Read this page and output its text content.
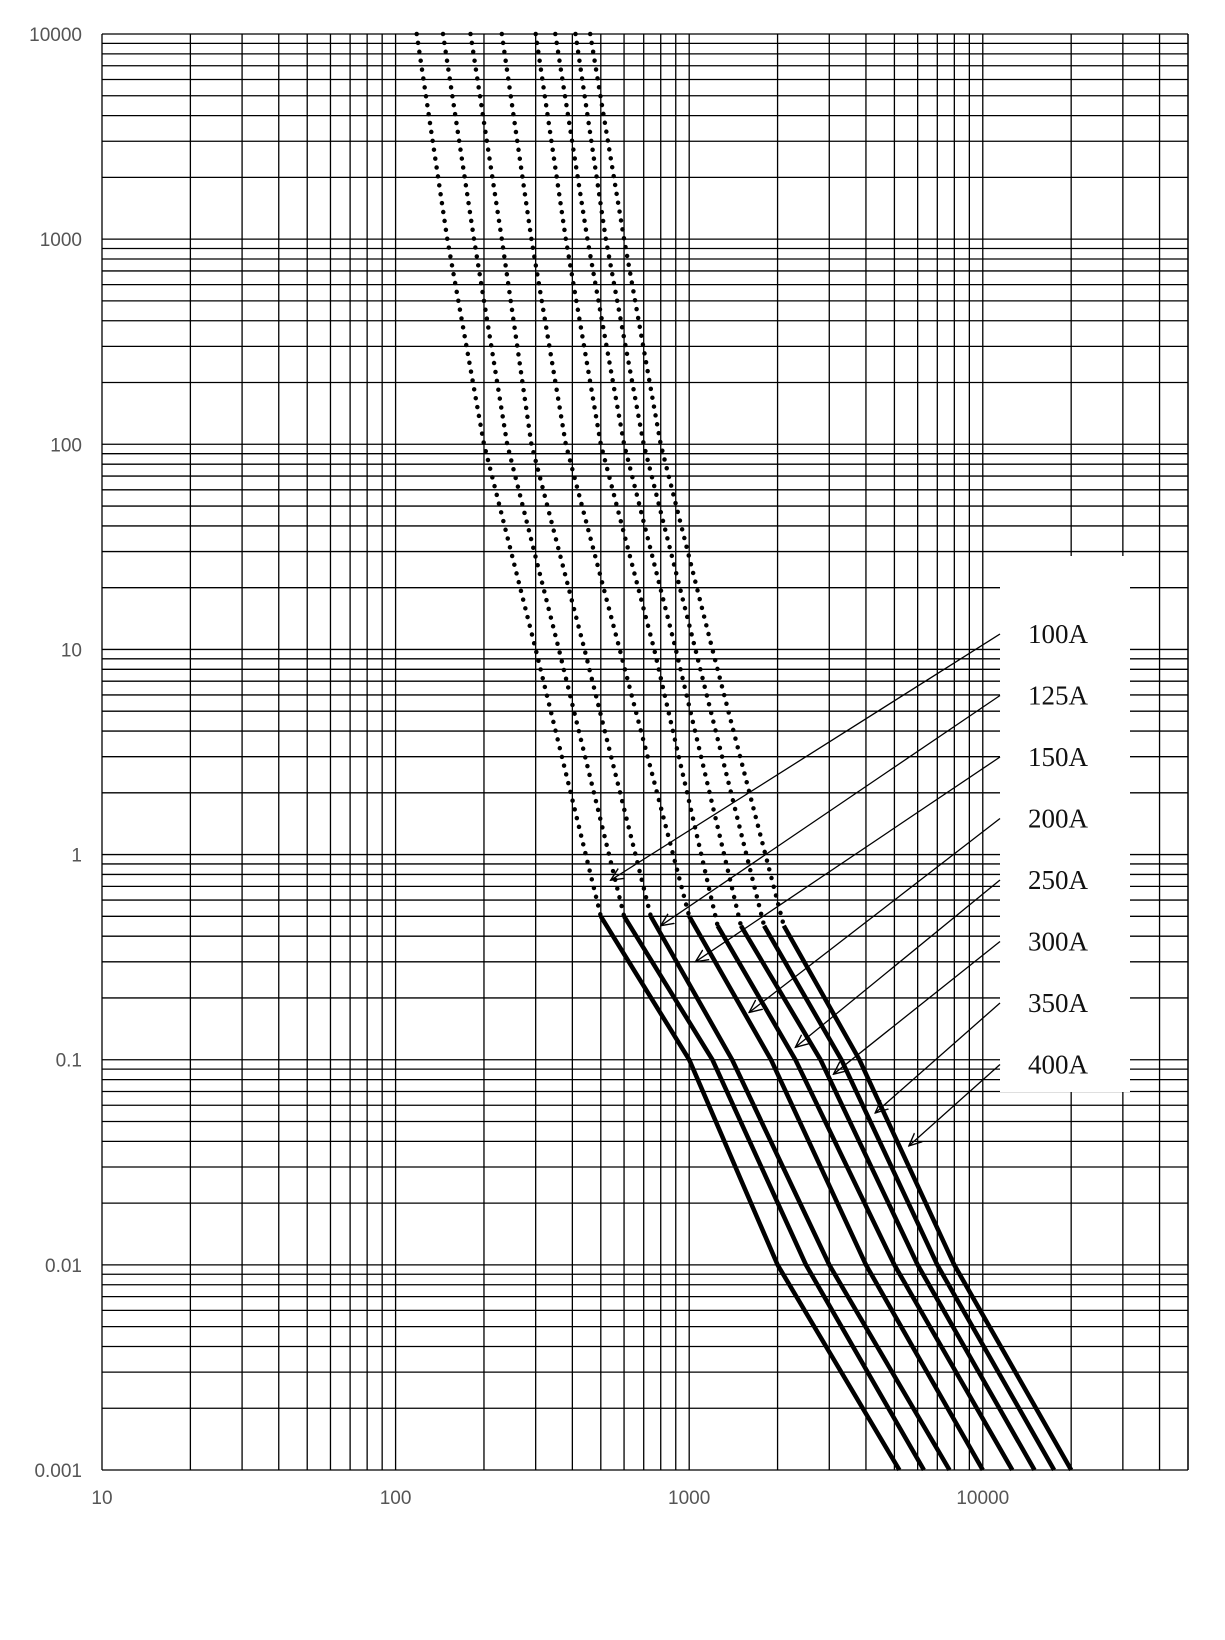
100A
125A
150A
200A
250A
300A
350A
400A
10	100	1000	10000
10000
1000
100
10
1
0.1
0.01
0.001
